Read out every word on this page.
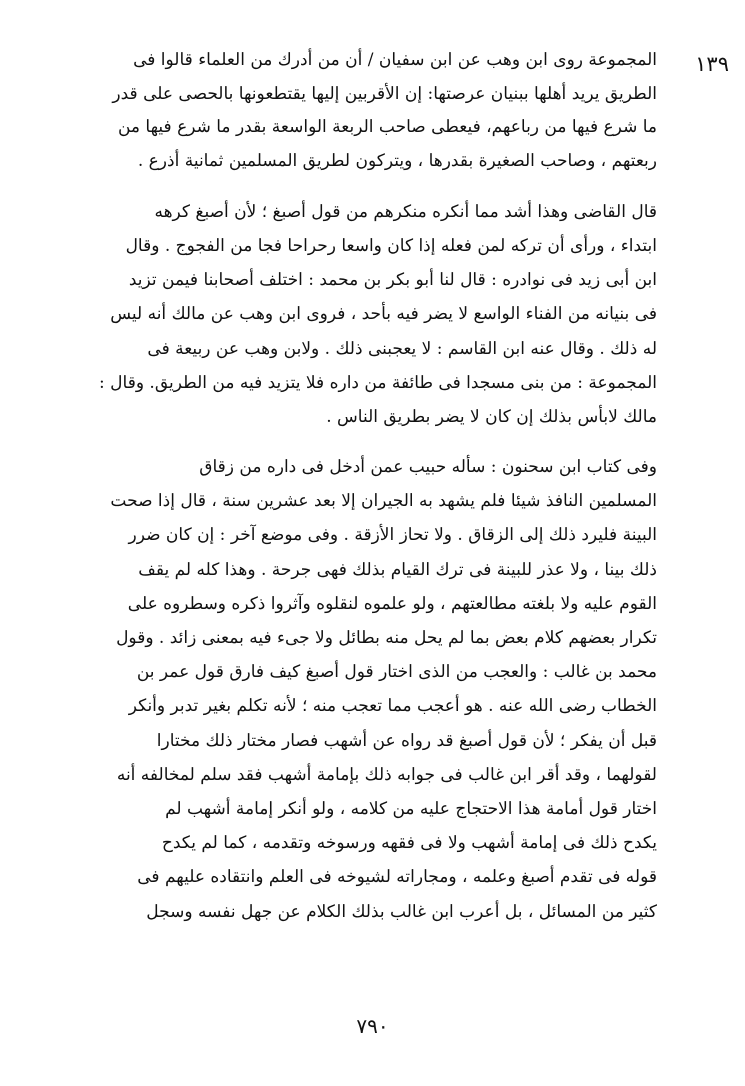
١٣٩
المجموعة روى ابن وهب عن ابن سفيان / أن من أدرك من العلماء قالوا فى
الطريق يريد أهلها ببنيان عرصتها: إن الأقربين إليها يقتطعونها بالحصى على قدر
ما شرع فيها من رباعهم، فيعطى صاحب الربعة الواسعة بقدر ما شرع فيها من
ربعتهم ، وصاحب الصغيرة بقدرها ، ويتركون لطريق المسلمين ثمانية أذرع .
قال القاضى وهذا أشد مما أنكره منكرهم من قول أصبغ ؛ لأن أصبغ كرهه
ابتداء ، ورأى أن تركه لمن فعله إذا كان واسعا رحراحا فجا من الفجوج . وقال
ابن أبى زيد فى نوادره : قال لنا أبو بكر بن محمد : اختلف أصحابنا فيمن تزيد
فى بنيانه من الفناء الواسع لا يضر فيه بأحد ، فروى ابن وهب عن مالك أنه ليس
له ذلك . وقال عنه ابن القاسم : لا يعجبنى ذلك . ولابن وهب عن ربيعة فى
المجموعة : من بنى مسجدا فى طائفة من داره فلا يتزيد فيه من الطريق. وقال :
مالك لابأس بذلك إن كان لا يضر بطريق الناس .
وفى كتاب ابن سحنون : سأله حبيب عمن أدخل فى داره من زقاق
المسلمين النافذ شيئا فلم يشهد به الجيران إلا بعد عشرين سنة ، قال إذا صحت
البينة فليرد ذلك إلى الزقاق . ولا تحاز الأزقة . وفى موضع آخر : إن كان ضرر
ذلك بينا ، ولا عذر للبينة فى ترك القيام بذلك فهى جرحة . وهذا كله لم يقف
القوم عليه ولا بلغته مطالعتهم ، ولو علموه لنقلوه وآثروا ذكره وسطروه على
تكرار بعضهم كلام بعض بما لم يحل منه بطائل ولا جىء فيه بمعنى زائد . وقول
محمد بن غالب : والعجب من الذى اختار قول أصبغ كيف فارق قول عمر بن
الخطاب رضى الله عنه . هو أعجب مما تعجب منه ؛ لأنه تكلم بغير تدبر وأنكر
قبل أن يفكر ؛ لأن قول أصبغ قد رواه عن أشهب فصار مختار ذلك مختارا
لقولهما ، وقد أقر ابن غالب فى جوابه ذلك بإمامة أشهب فقد سلم لمخالفه أنه
اختار قول أمامة هذا الاحتجاج عليه من كلامه ، ولو أنكر إمامة أشهب لم
يكدح ذلك فى إمامة أشهب ولا فى فقهه ورسوخه وتقدمه ، كما لم يكدح
قوله فى تقدم أصبغ وعلمه ، ومجاراته لشيوخه فى العلم وانتقاده عليهم فى
كثير من المسائل ، بل أعرب ابن غالب بذلك الكلام عن جهل نفسه وسجل
٧٩٠
